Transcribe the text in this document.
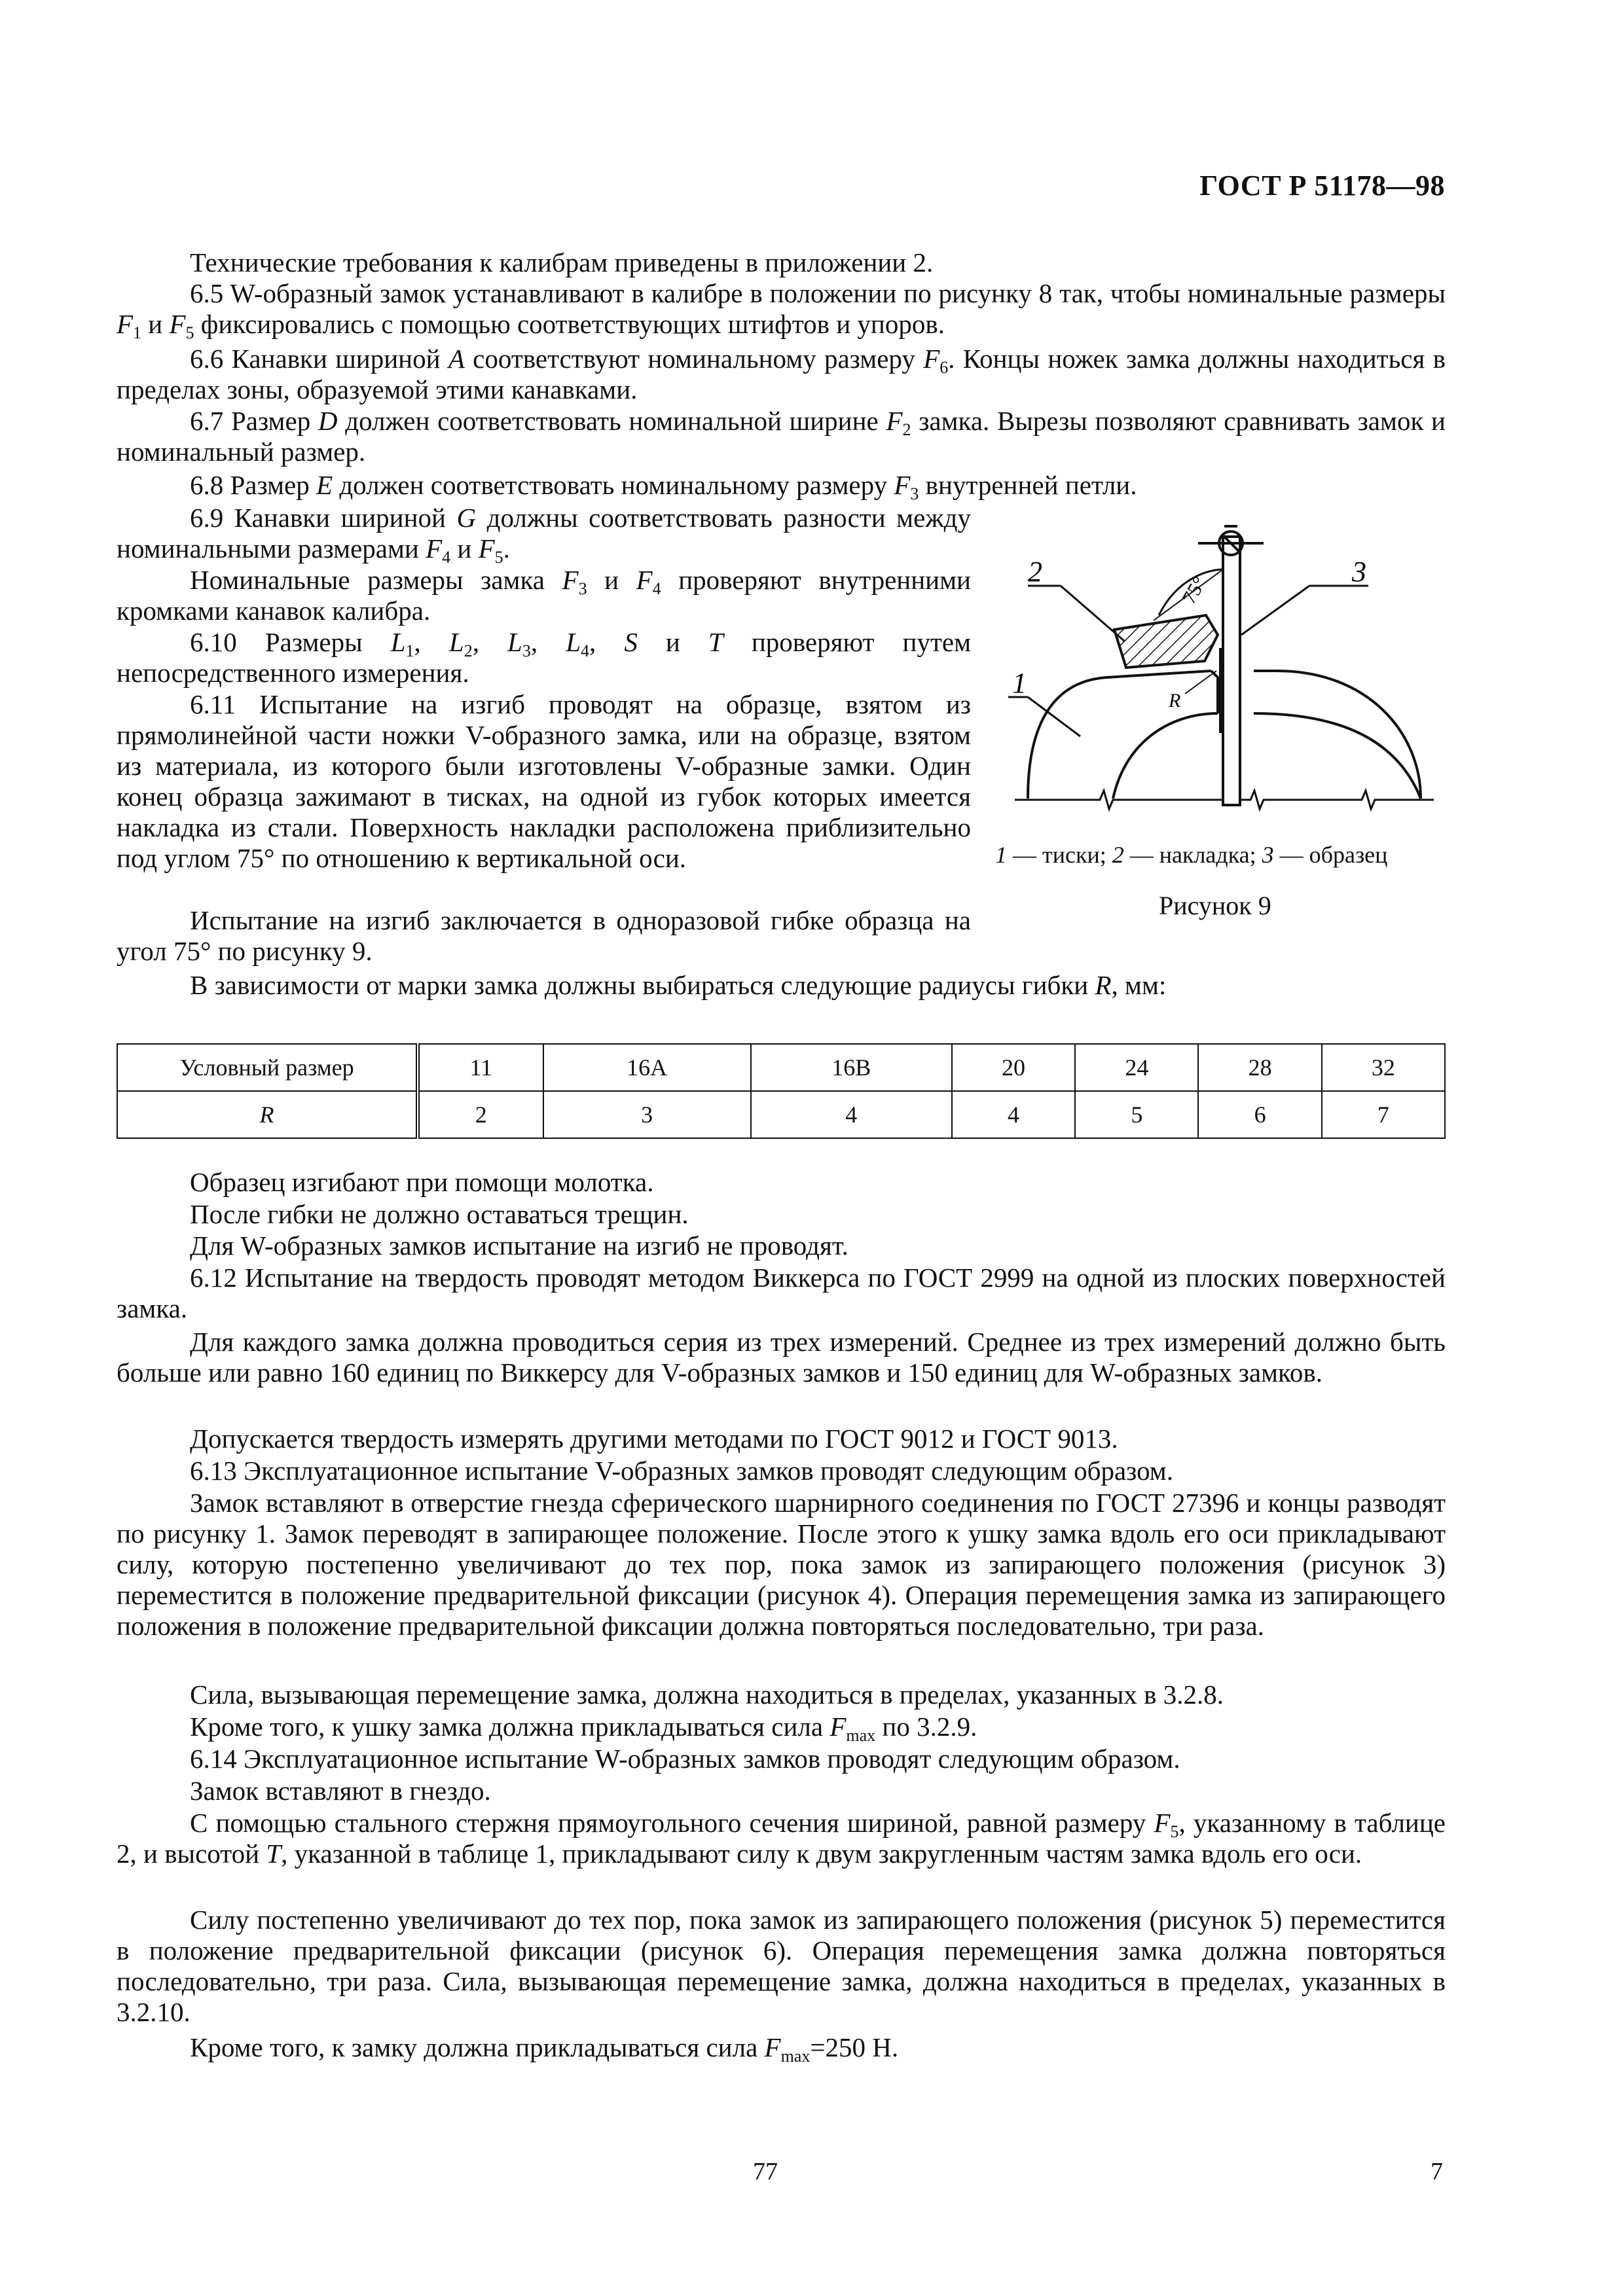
ГОСТ Р 51178—98

Технические требования к калибрам приведены в приложении 2.

6.5 W-образный замок устанавливают в калибре в положении по рисунку 8 так, чтобы номинальные размеры $F_1$ и $F_5$ фиксировались с помощью соответствующих штифтов и упоров.

6.6 Канавки шириной A соответствуют номинальному размеру $F_6$. Концы ножек замка должны находиться в пределах зоны, образуемой этими канавками.

6.7 Размер D должен соответствовать номинальной ширине $F_2$ замка. Вырезы позволяют сравнивать замок и номинальный размер.

6.8 Размер E должен соответствовать номинальному размеру $F_3$ внутренней петли.

6.9 Канавки шириной G должны соответствовать разности между номинальными размерами $F_4$ и $F_5$.

Номинальные размеры замка $F_3$ и $F_4$ проверяют внутренними кромками канавок калибра.

6.10 Размеры $L_1$, $L_2$, $L_3$, $L_4$, S и T проверяют путем непосредственного измерения.

6.11 Испытание на изгиб проводят на образце, взятом из прямолинейной части ножки V-образного замка, или на образце, взятом из материала, из которого были изготовлены V-образные замки. Один конец образца зажимают в тисках, на одной из губок которых имеется накладка из стали. Поверхность накладки расположена приблизительно под углом 75° по отношению к вертикальной оси.

Испытание на изгиб заключается в одноразовой гибке образца на угол 75° по рисунку 9.

В зависимости от марки замка должны выбираться следующие радиусы гибки R, мм:

2	3
1
R
75°
1 — тиски; 2 — накладка; 3 — образец
Рисунок 9
Условный размер	11	16A	16B	20	24	28	32
R	2	3	4	4	5	6	7

Образец изгибают при помощи молотка.

После гибки не должно оставаться трещин.

Для W-образных замков испытание на изгиб не проводят.

6.12 Испытание на твердость проводят методом Виккерса по ГОСТ 2999 на одной из плоских поверхностей замка.

Для каждого замка должна проводиться серия из трех измерений. Среднее из трех измерений должно быть больше или равно 160 единиц по Виккерсу для V-образных замков и 150 единиц для W-образных замков.

Допускается твердость измерять другими методами по ГОСТ 9012 и ГОСТ 9013.

6.13 Эксплуатационное испытание V-образных замков проводят следующим образом.

Замок вставляют в отверстие гнезда сферического шарнирного соединения по ГОСТ 27396 и концы разводят по рисунку 1. Замок переводят в запирающее положение. После этого к ушку замка вдоль его оси прикладывают силу, которую постепенно увеличивают до тех пор, пока замок из запирающего положения (рисунок 3) переместится в положение предварительной фиксации (рисунок 4). Операция перемещения замка из запирающего положения в положение предварительной фиксации должна повторяться последовательно, три раза.

Сила, вызывающая перемещение замка, должна находиться в пределах, указанных в 3.2.8.

Кроме того, к ушку замка должна прикладываться сила $F_{max}$ по 3.2.9.

6.14 Эксплуатационное испытание W-образных замков проводят следующим образом.

Замок вставляют в гнездо.

С помощью стального стержня прямоугольного сечения шириной, равной размеру $F_5$, указанному в таблице 2, и высотой T, указанной в таблице 1, прикладывают силу к двум закругленным частям замка вдоль его оси.

Силу постепенно увеличивают до тех пор, пока замок из запирающего положения (рисунок 5) переместится в положение предварительной фиксации (рисунок 6). Операция перемещения замка должна повторяться последовательно, три раза. Сила, вызывающая перемещение замка, должна находиться в пределах, указанных в 3.2.10.

Кроме того, к замку должна прикладываться сила $F_{max}=250$ Н.

77	7
